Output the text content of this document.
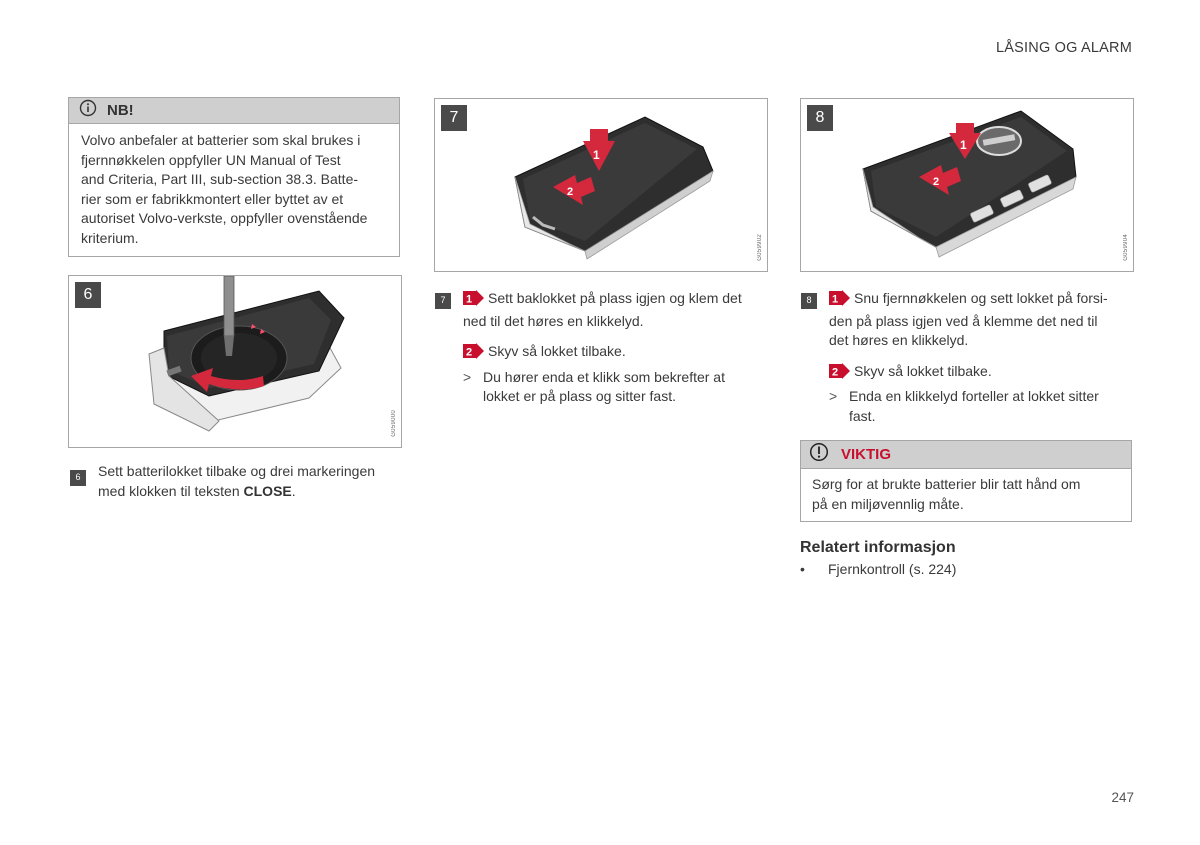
LÅSING OG ALARM
NB!
Volvo anbefaler at batterier som skal brukes i
fjernnøkkelen oppfyller UN Manual of Test
and Criteria, Part III, sub-section 38.3. Batte-
rier som er fabrikkmontert eller byttet av et
autoriset Volvo-verkste, oppfyller ovenstående
kriterium.
6
G059000
1
2
7
G059902
1
2
8
G059904
6	Sett batterilokket tilbake og drei markeringen
med klokken til teksten CLOSE.
7	1 Sett baklokket på plass igjen og klem det
ned til det høres en klikkelyd.
2 Skyv så lokket tilbake.
> Du hører enda et klikk som bekrefter at
lokket er på plass og sitter fast.
8	1 Snu fjernnøkkelen og sett lokket på forsi-
den på plass igjen ved å klemme det ned til
det høres en klikkelyd.
2 Skyv så lokket tilbake.
> Enda en klikkelyd forteller at lokket sitter
fast.
VIKTIG
Sørg for at brukte batterier blir tatt hånd om
på en miljøvennlig måte.
Relatert informasjon
• Fjernkontroll (s. 224)
247
